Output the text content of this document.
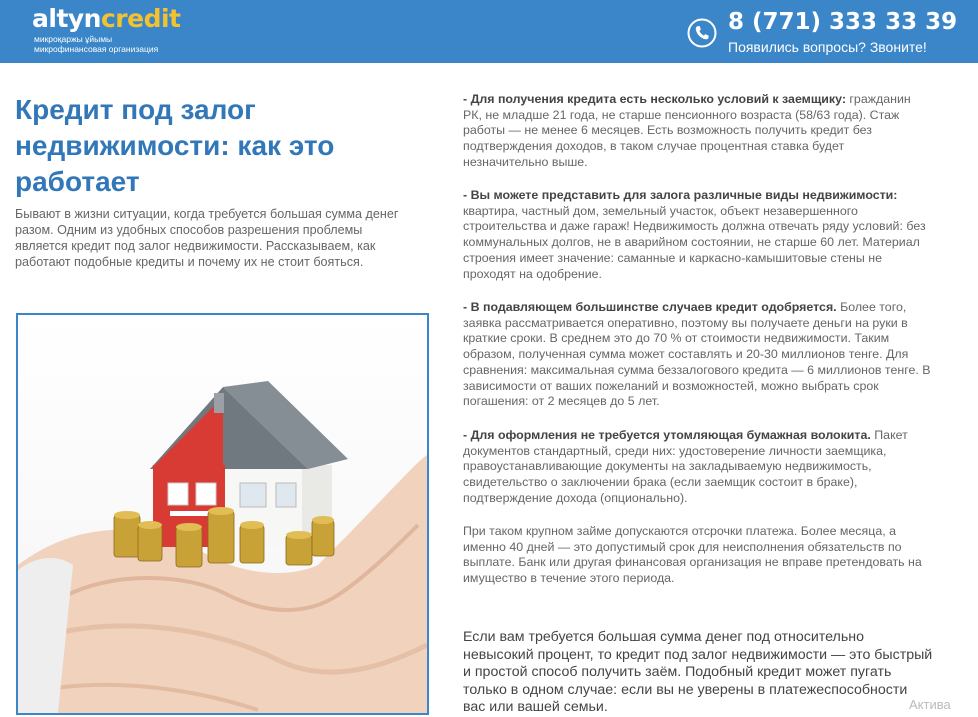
altyncredit
микроқаржы ұйымы
микрофинансовая организация
8 (771) 333 33 39
Появились вопросы? Звоните!
Кредит под залог недвижимости: как это работает
Бывают в жизни ситуации, когда требуется большая сумма денег разом. Одним из удобных способов разрешения проблемы является кредит под залог недвижимости. Рассказываем, как работают подобные кредиты и почему их не стоит бояться.

- Для получения кредита есть несколько условий к заемщику: гражданин РК, не младше 21 года, не старше пенсионного возраста (58/63 года). Стаж работы — не менее 6 месяцев. Есть возможность получить кредит без подтверждения доходов, в таком случае процентная ставка будет незначительно выше.

- Вы можете представить для залога различные виды недвижимости: квартира, частный дом, земельный участок, объект незавершенного строительства и даже гараж! Недвижимость должна отвечать ряду условий: без коммунальных долгов, не в аварийном состоянии, не старше 60 лет. Материал строения имеет значение: саманные и каркасно-камышитовые стены не проходят на одобрение.

- В подавляющем большинстве случаев кредит одобряется. Более того, заявка рассматривается оперативно, поэтому вы получаете деньги на руки в краткие сроки. В среднем это до 70 % от стоимости недвижимости. Таким образом, полученная сумма может составлять и 20-30 миллионов тенге. Для сравнения: максимальная сумма беззалогового кредита — 6 миллионов тенге. В зависимости от ваших пожеланий и возможностей, можно выбрать срок погашения: от 2 месяцев до 5 лет.

- Для оформления не требуется утомляющая бумажная волокита. Пакет документов стандартный, среди них: удостоверение личности заемщика, правоустанавливающие документы на закладываемую недвижимость, свидетельство о заключении брака (если заемщик состоит в браке), подтверждение дохода (опционально).

При таком крупном займе допускаются отсрочки платежа. Более месяца, а именно 40 дней — это допустимый срок для неисполнения обязательств по выплате. Банк или другая финансовая организация не вправе претендовать на имущество в течение этого периода.

Если вам требуется большая сумма денег под относительно невысокий процент, то кредит под залог недвижимости — это быстрый и простой способ получить заём. Подобный кредит может пугать только в одном случае: если вы не уверены в платежеспособности вас или вашей семьи.	Актива
